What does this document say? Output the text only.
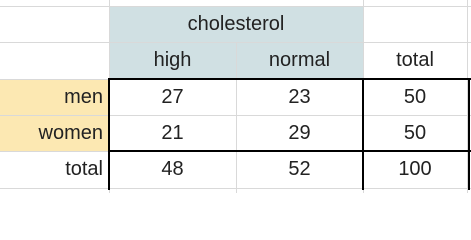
cholesterol
high	normal	total
men	27	23	50
women	21	29	50
total	48	52	100
